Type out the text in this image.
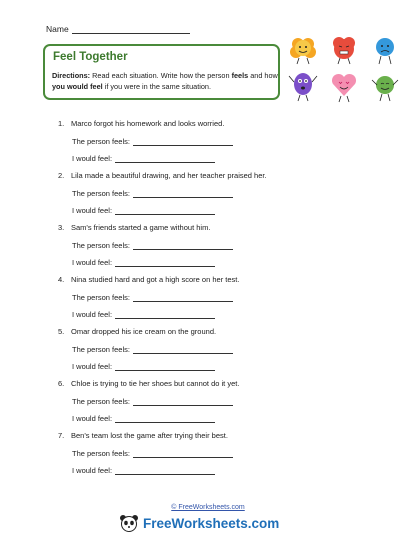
Name
Feel Together
Directions: Read each situation. Write how the person feels and how you would feel if you were in the same situation.
1. Marco forgot his homework and looks worried.
The person feels:
I would feel:
2. Lila made a beautiful drawing, and her teacher praised her.
The person feels:
I would feel:
3. Sam's friends started a game without him.
The person feels:
I would feel:
4. Nina studied hard and got a high score on her test.
The person feels:
I would feel:
5. Omar dropped his ice cream on the ground.
The person feels:
I would feel:
6. Chloe is trying to tie her shoes but cannot do it yet.
The person feels:
I would feel:
7. Ben's team lost the game after trying their best.
The person feels:
I would feel:
© FreeWorksheets.com
FreeWorksheets.com
